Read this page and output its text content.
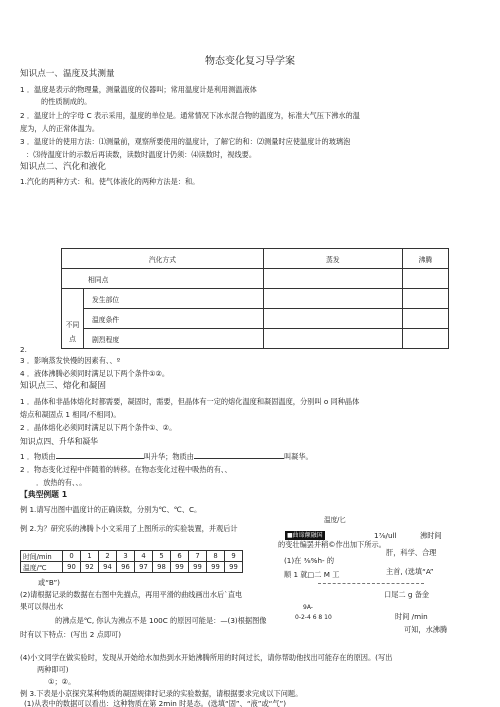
物态变化复习导学案
知识点一、温度及其测量
1 ．温度是表示的物理量，测量温度的仪器叫；常用温度计是利用测温液体
的性质制成的。
2 ．温度计上的字母 C 表示采用，温度的单位是。通常情况下冰水混合物的温度为，标准大气压下沸水的温
度为，人的正常体温为。
3 ．温度计的使用方法：⑴测量前，观察所要使用的温度计，了解它的和：⑵测量时应使温度计的玻璃泡
：⑶待温度计的示数后再读数，读数时温度计仍须：⑷读数时，视线要。
知识点二、汽化和液化
1.汽化的两种方式：和。使气体液化的两种方法是：和。
汽化方式		蒸发	沸腾
相同点			
不同
点	发生部位		
	温度条件		
	剧烈程度		
2.
3 ．影响蒸发快慢的因素有、、º
4 ．液体沸腾必须同时满足以下两个条件①②。
知识点三、熔化和凝固
1 ．晶体和非晶体熔化时都需要，凝固时，需要，但晶体有一定的熔化温度和凝固温度，分别叫 o 同种晶体
熔点和凝固点 1 相同/不相同)。
2 ．晶体熔化必须同时满足以下两个条件①、②。
知识点四、升华和凝华
1 ．物质由	叫升华；物质由	叫凝华。
2 ．物态变化过程中伴随着的转移。在物态变化过程中吸热的有、、
．放热的有、、。
【典型例题 1
例 1.请写出图中温度计的正确读数，分别为℃、℃、C。
温度/匕
例 2.为？研究乐的沸腾卜小文采用了上图所示的实验装置，并观后计
■曲谛颠融国	1⅞/ull	沸时间
的变壮编罢并稍©作出加下所示。
时间/min	0	1	2	3	4	5	6	7	8	9
温度/℃	90	92	94	96	97	98	99	99	99	99
(1)在 ⅜%h- 的
顺 1 就□二 M 工
肝，科学、合理
主首, (选填“A”
或“B”)
(2)请根据记录的数据在右图中先描点，再用平滑的曲线画出水后`直电	口尾二 g 备金
果可以得出水	9A-
0-2-4 6 8 10	时间 /min
的沸点是℃, 你认为沸点不是 100C 的原因可能是：—(3)根据图像
可知，水沸腾
时有以下特点：(写出 2 点即可)
(4)小文同学在做实验时，发现从开始给水加热到水开始沸腾所用的时间过长，请你帮助他找出可能存在的原因。(写出
两种即可)
①；②。
例 3.下表是小京探究某种物质的凝固规律时记录的实验数据，请根据要求完成以下问题。
(1)从表中的数据可以看出：这种物质在第 2min 时是态。(选填“固”、“液”或“气”)
